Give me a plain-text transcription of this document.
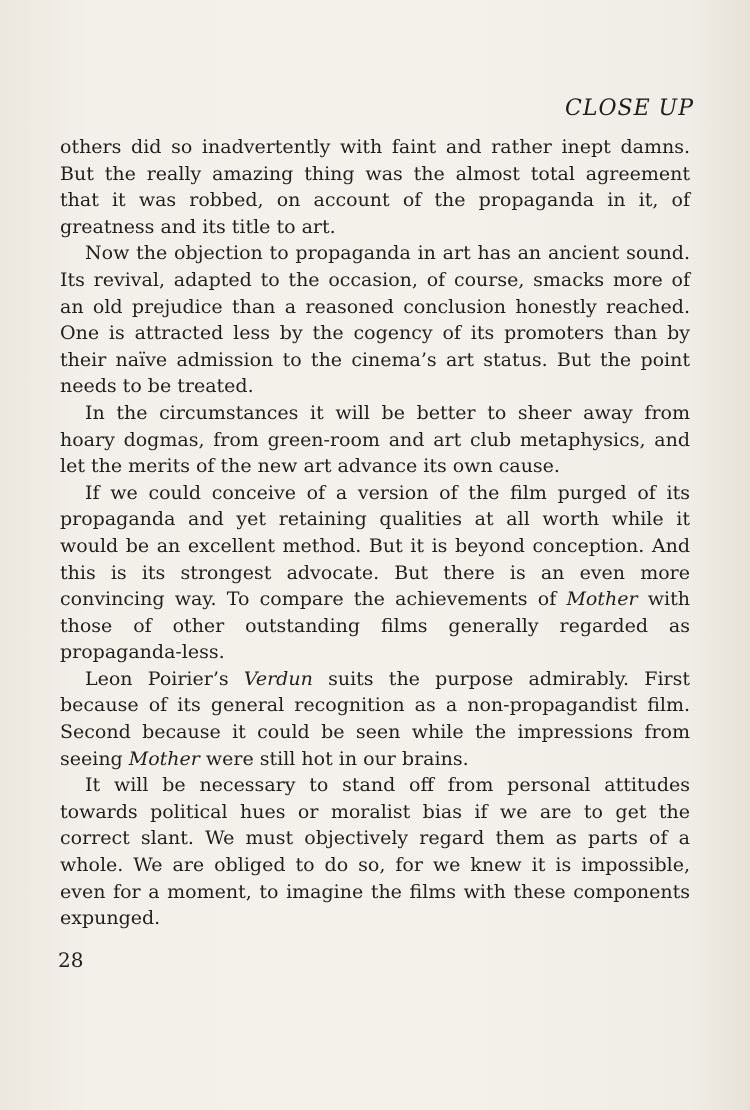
CLOSE UP

others did so inadvertently with faint and rather inept damns. But the really amazing thing was the almost total agreement that it was robbed, on account of the propaganda in it, of greatness and its title to art.

Now the objection to propaganda in art has an ancient sound. Its revival, adapted to the occasion, of course, smacks more of an old prejudice than a reasoned conclusion honestly reached. One is attracted less by the cogency of its promoters than by their naïve admission to the cinema’s art status. But the point needs to be treated.

In the circumstances it will be better to sheer away from hoary dogmas, from green-room and art club metaphysics, and let the merits of the new art advance its own cause.

If we could conceive of a version of the film purged of its propaganda and yet retaining qualities at all worth while it would be an excellent method. But it is beyond conception. And this is its strongest advocate. But there is an even more convincing way. To compare the achievements of Mother with those of other outstanding films generally regarded as propaganda-less.

Leon Poirier’s Verdun suits the purpose admirably. First because of its general recognition as a non-propagandist film. Second because it could be seen while the impressions from seeing Mother were still hot in our brains.

It will be necessary to stand off from personal attitudes towards political hues or moralist bias if we are to get the correct slant. We must objectively regard them as parts of a whole. We are obliged to do so, for we knew it is impossible, even for a moment, to imagine the films with these components expunged.

28
